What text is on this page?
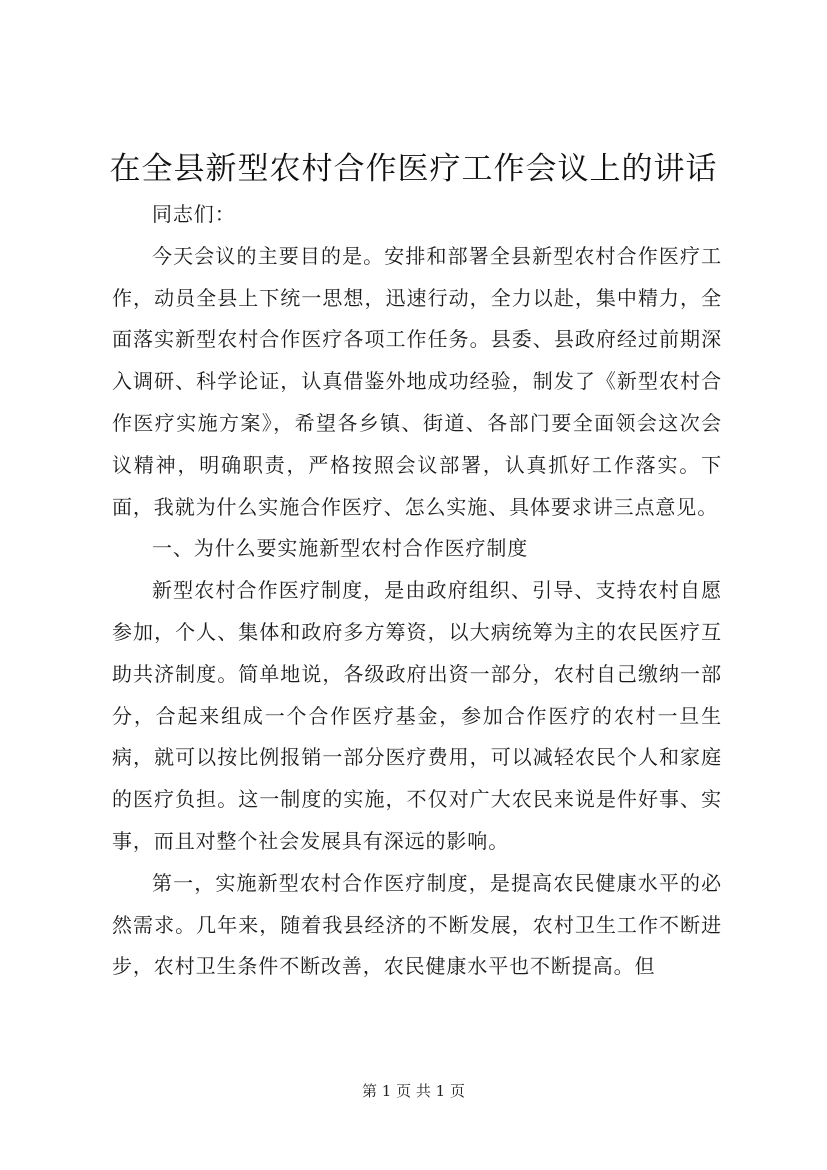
在全县新型农村合作医疗工作会议上的讲话

同志们：

今天会议的主要目的是。安排和部署全县新型农村合作医疗工作，动员全县上下统一思想，迅速行动，全力以赴，集中精力，全面落实新型农村合作医疗各项工作任务。县委、县政府经过前期深入调研、科学论证，认真借鉴外地成功经验，制发了《新型农村合作医疗实施方案》，希望各乡镇、街道、各部门要全面领会这次会议精神，明确职责，严格按照会议部署，认真抓好工作落实。下面，我就为什么实施合作医疗、怎么实施、具体要求讲三点意见。

一、为什么要实施新型农村合作医疗制度

新型农村合作医疗制度，是由政府组织、引导、支持农村自愿参加，个人、集体和政府多方筹资，以大病统筹为主的农民医疗互助共济制度。简单地说，各级政府出资一部分，农村自己缴纳一部分，合起来组成一个合作医疗基金，参加合作医疗的农村一旦生病，就可以按比例报销一部分医疗费用，可以减轻农民个人和家庭的医疗负担。这一制度的实施，不仅对广大农民来说是件好事、实事，而且对整个社会发展具有深远的影响。

第一，实施新型农村合作医疗制度，是提高农民健康水平的必然需求。几年来，随着我县经济的不断发展，农村卫生工作不断进步，农村卫生条件不断改善，农民健康水平也不断提高。但

第 1 页 共 1 页
